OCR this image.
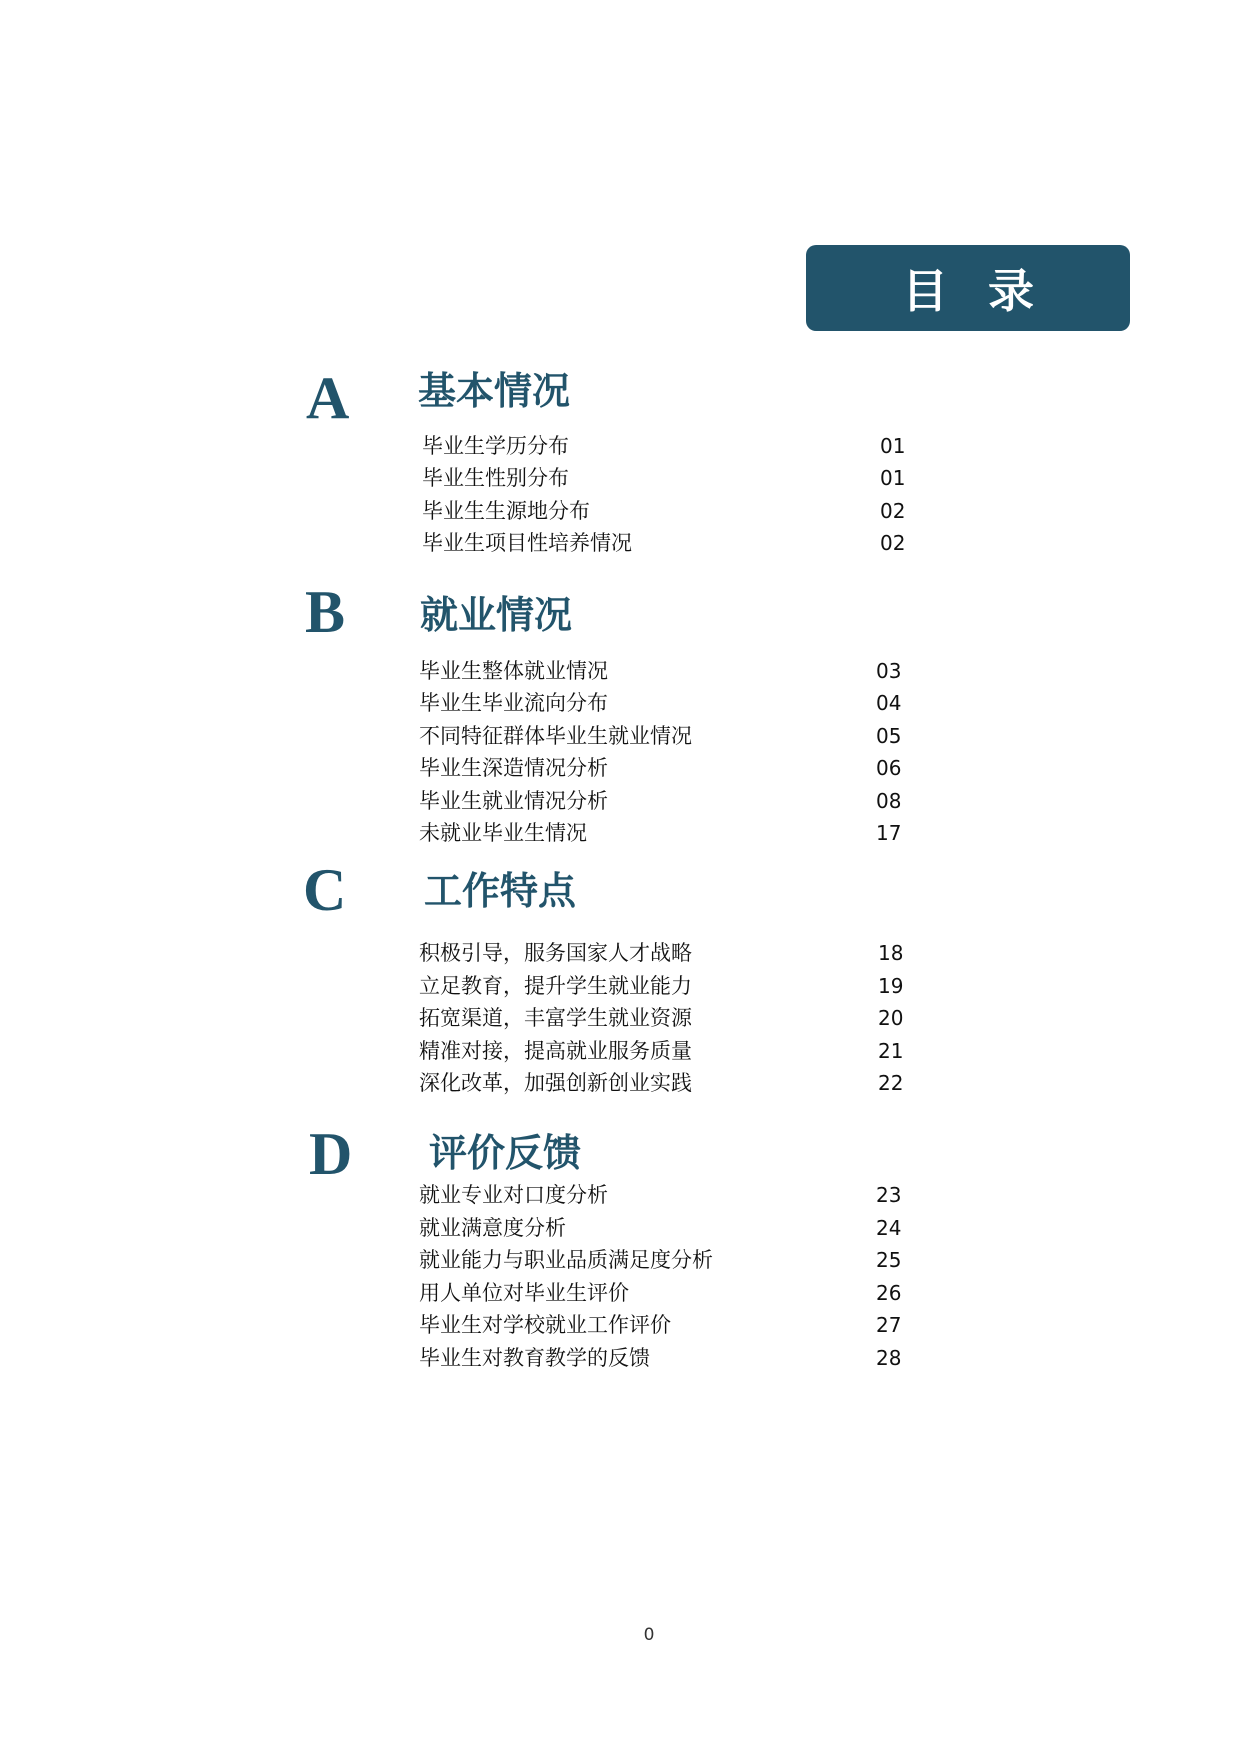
目录
A 基本情况
毕业生学历分布	01
毕业生性别分布	01
毕业生生源地分布	02
毕业生项目性培养情况	02
B 就业情况
毕业生整体就业情况	03
毕业生毕业流向分布	04
不同特征群体毕业生就业情况	05
毕业生深造情况分析	06
毕业生就业情况分析	08
未就业毕业生情况	17
C 工作特点
积极引导，服务国家人才战略	18
立足教育，提升学生就业能力	19
拓宽渠道，丰富学生就业资源	20
精准对接，提高就业服务质量	21
深化改革，加强创新创业实践	22
D 评价反馈
就业专业对口度分析	23
就业满意度分析	24
就业能力与职业品质满足度分析	25
用人单位对毕业生评价	26
毕业生对学校就业工作评价	27
毕业生对教育教学的反馈	28
0
